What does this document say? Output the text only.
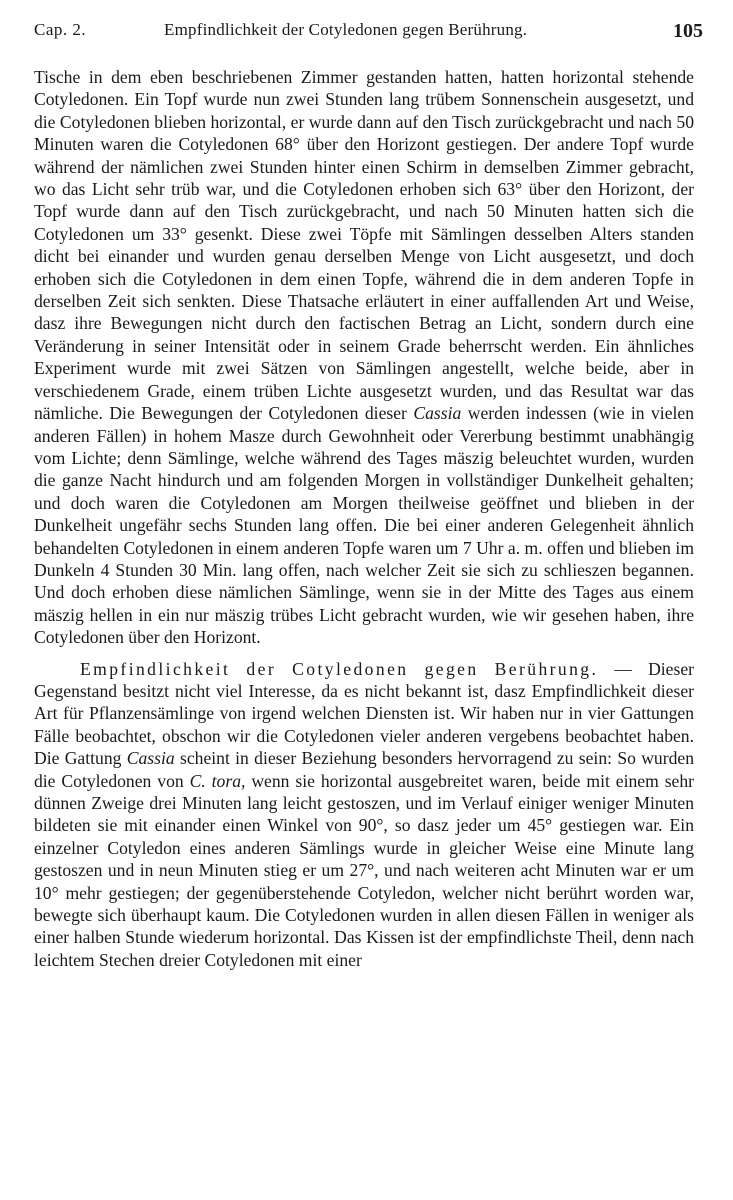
Cap. 2.	Empfindlichkeit der Cotyledonen gegen Berührung.	105

Tische in dem eben beschriebenen Zimmer gestanden hatten, hatten horizontal stehende Cotyledonen. Ein Topf wurde nun zwei Stunden lang trübem Sonnenschein ausgesetzt, und die Cotyledonen blieben horizontal, er wurde dann auf den Tisch zurückgebracht und nach 50 Minuten waren die Cotyledonen 68° über den Horizont gestiegen. Der andere Topf wurde während der nämlichen zwei Stunden hinter einen Schirm in demselben Zimmer gebracht, wo das Licht sehr trüb war, und die Cotyledonen erhoben sich 63° über den Horizont, der Topf wurde dann auf den Tisch zurückgebracht, und nach 50 Minuten hatten sich die Cotyledonen um 33° gesenkt. Diese zwei Töpfe mit Sämlingen desselben Alters standen dicht bei einander und wurden genau derselben Menge von Licht ausgesetzt, und doch erhoben sich die Cotyledonen in dem einen Topfe, während die in dem anderen Topfe in derselben Zeit sich senkten. Diese Thatsache erläutert in einer auffallenden Art und Weise, dasz ihre Bewegungen nicht durch den factischen Betrag an Licht, sondern durch eine Veränderung in seiner Intensität oder in seinem Grade beherrscht werden. Ein ähnliches Experiment wurde mit zwei Sätzen von Sämlingen angestellt, welche beide, aber in verschiedenem Grade, einem trüben Lichte ausgesetzt wurden, und das Resultat war das nämliche. Die Bewegungen der Cotyledonen dieser Cassia werden indessen (wie in vielen anderen Fällen) in hohem Masze durch Gewohnheit oder Vererbung bestimmt unabhängig vom Lichte; denn Sämlinge, welche während des Tages mäszig beleuchtet wurden, wurden die ganze Nacht hindurch und am folgenden Morgen in vollständiger Dunkelheit gehalten; und doch waren die Cotyledonen am Morgen theilweise geöffnet und blieben in der Dunkelheit ungefähr sechs Stunden lang offen. Die bei einer anderen Gelegenheit ähnlich behandelten Cotyledonen in einem anderen Topfe waren um 7 Uhr a. m. offen und blieben im Dunkeln 4 Stunden 30 Min. lang offen, nach welcher Zeit sie sich zu schlieszen begannen. Und doch erhoben diese nämlichen Sämlinge, wenn sie in der Mitte des Tages aus einem mäszig hellen in ein nur mäszig trübes Licht gebracht wurden, wie wir gesehen haben, ihre Cotyledonen über den Horizont.

Empfindlichkeit der Cotyledonen gegen Berührung. — Dieser Gegenstand besitzt nicht viel Interesse, da es nicht bekannt ist, dasz Empfindlichkeit dieser Art für Pflanzensämlinge von irgend welchen Diensten ist. Wir haben nur in vier Gattungen Fälle beobachtet, obschon wir die Cotyledonen vieler anderen vergebens beobachtet haben. Die Gattung Cassia scheint in dieser Beziehung besonders hervorragend zu sein: So wurden die Cotyledonen von C. tora, wenn sie horizontal ausgebreitet waren, beide mit einem sehr dünnen Zweige drei Minuten lang leicht gestoszen, und im Verlauf einiger weniger Minuten bildeten sie mit einander einen Winkel von 90°, so dasz jeder um 45° gestiegen war. Ein einzelner Cotyledon eines anderen Sämlings wurde in gleicher Weise eine Minute lang gestoszen und in neun Minuten stieg er um 27°, und nach weiteren acht Minuten war er um 10° mehr gestiegen; der gegenüberstehende Cotyledon, welcher nicht berührt worden war, bewegte sich überhaupt kaum. Die Cotyledonen wurden in allen diesen Fällen in weniger als einer halben Stunde wiederum horizontal. Das Kissen ist der empfindlichste Theil, denn nach leichtem Stechen dreier Cotyledonen mit einer
